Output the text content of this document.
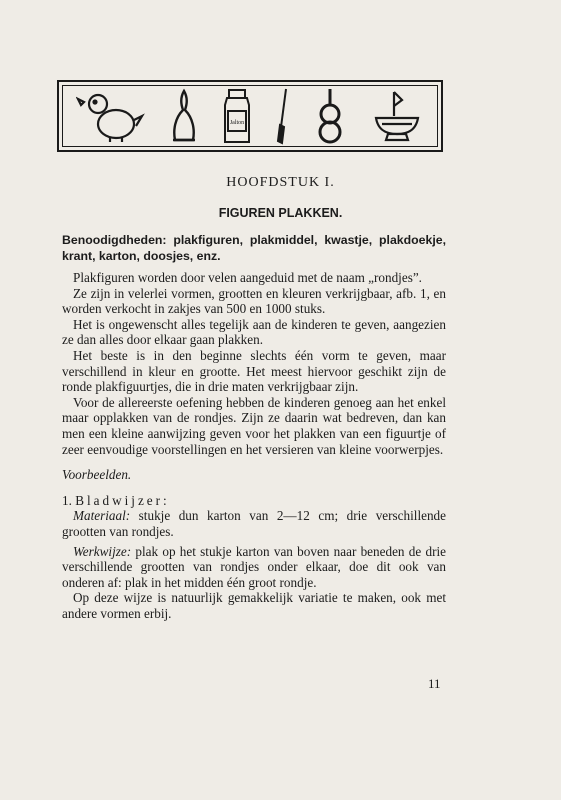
Jalton
HOOFDSTUK I.
FIGUREN PLAKKEN.

Benoodigdheden: plakfiguren, plakmiddel, kwastje, plakdoekje, krant, karton, doosjes, enz.

Plakfiguren worden door velen aangeduid met de naam „rondjes”.

Ze zijn in velerlei vormen, grootten en kleuren verkrijgbaar, afb. 1, en worden verkocht in zakjes van 500 en 1000 stuks.

Het is ongewenscht alles tegelijk aan de kinderen te geven, aangezien ze dan alles door elkaar gaan plakken.

Het beste is in den beginne slechts één vorm te geven, maar verschillend in kleur en grootte. Het meest hiervoor geschikt zijn de ronde plakfiguurtjes, die in drie maten verkrijgbaar zijn.

Voor de allereerste oefening hebben de kinderen genoeg aan het enkel maar opplakken van de rondjes. Zijn ze daarin wat bedreven, dan kan men een kleine aanwijzing geven voor het plakken van een figuurtje of zeer eenvoudige voorstellingen en het versieren van kleine voorwerpjes.

Voorbeelden.

1. Bladwijzer:

Materiaal: stukje dun karton van 2—12 cm; drie verschillende grootten van rondjes.

Werkwijze: plak op het stukje karton van boven naar beneden de drie verschillende grootten van rondjes onder elkaar, doe dit ook van onderen af: plak in het midden één groot rondje.

Op deze wijze is natuurlijk gemakkelijk variatie te maken, ook met andere vormen erbij.

11
